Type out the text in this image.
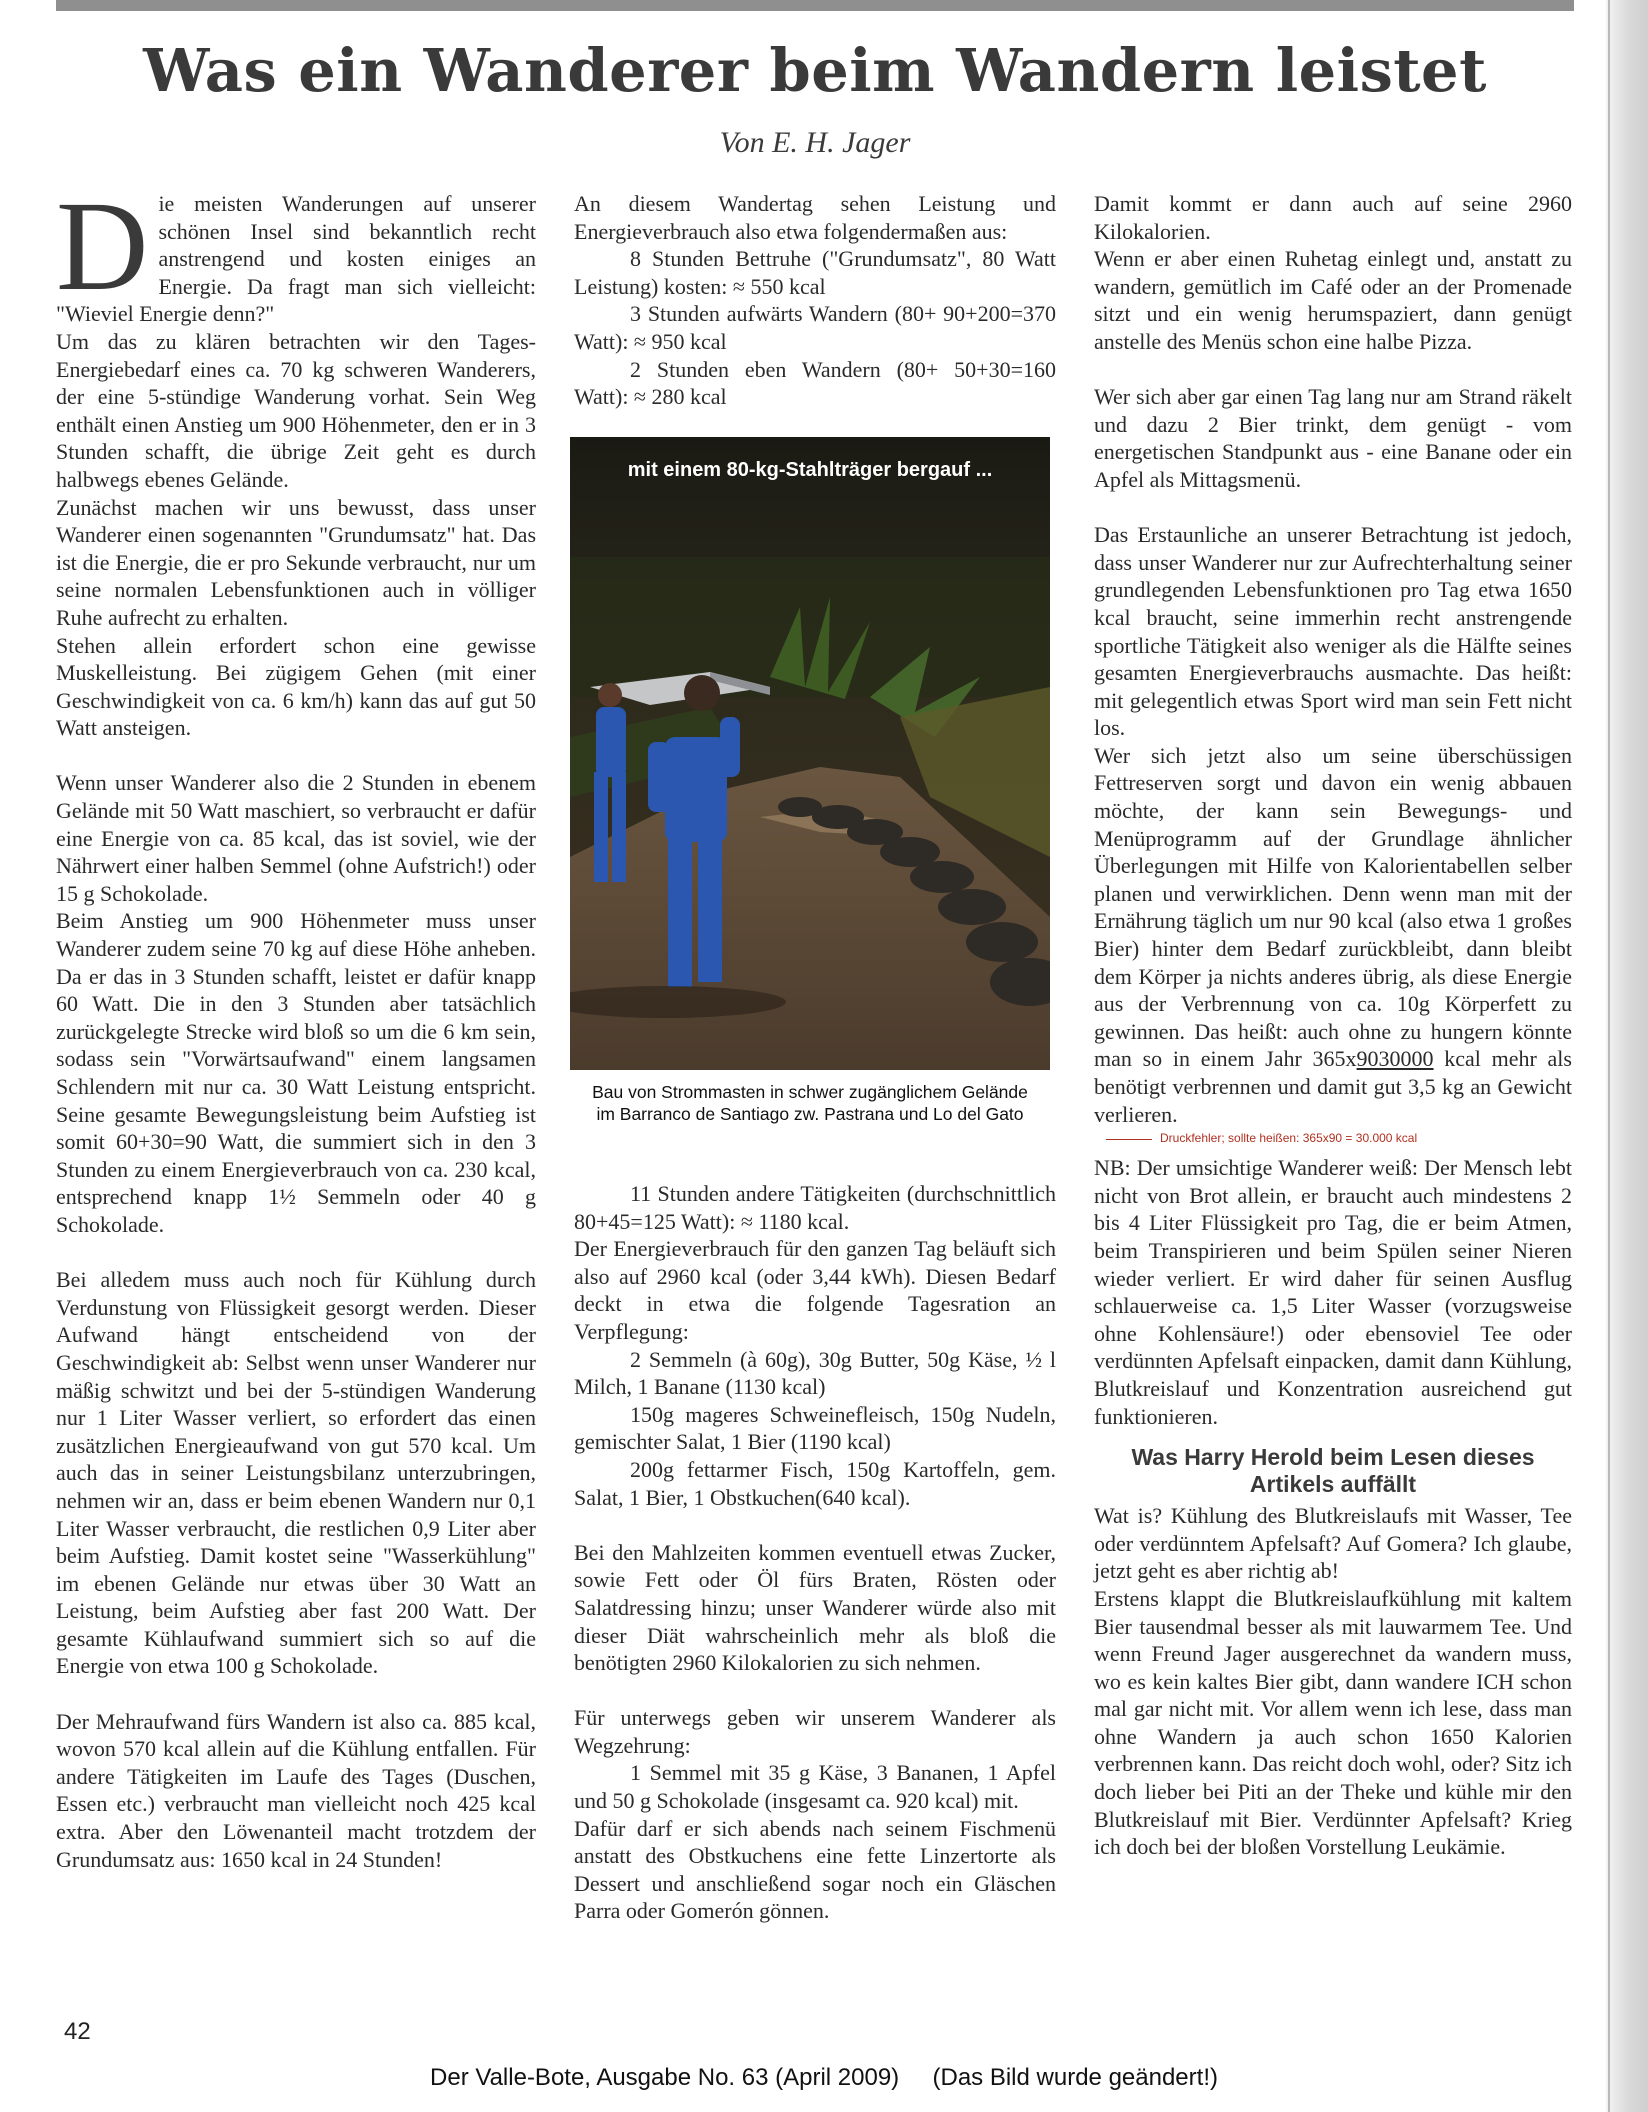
Was ein Wanderer beim Wandern leistet
Von E. H. Jager
D ie meisten Wanderungen auf unserer schönen Insel sind bekanntlich recht anstrengend und kosten einiges an Energie. Da fragt man sich vielleicht: "Wieviel Energie denn?"

Um das zu klären betrachten wir den Tages-Energiebedarf eines ca. 70 kg schweren Wanderers, der eine 5-stündige Wanderung vorhat. Sein Weg enthält einen Anstieg um 900 Höhenmeter, den er in 3 Stunden schafft, die übrige Zeit geht es durch halbwegs ebenes Gelände.

Zunächst machen wir uns bewusst, dass unser Wanderer einen sogenannten "Grundumsatz" hat. Das ist die Energie, die er pro Sekunde verbraucht, nur um seine normalen Lebensfunktionen auch in völliger Ruhe aufrecht zu erhalten.

Stehen allein erfordert schon eine gewisse Muskelleistung. Bei zügigem Gehen (mit einer Geschwindigkeit von ca. 6 km/h) kann das auf gut 50 Watt ansteigen.

Wenn unser Wanderer also die 2 Stunden in ebenem Gelände mit 50 Watt maschiert, so verbraucht er dafür eine Energie von ca. 85 kcal, das ist soviel, wie der Nährwert einer halben Semmel (ohne Aufstrich!) oder 15 g Schokolade.

Beim Anstieg um 900 Höhenmeter muss unser Wanderer zudem seine 70 kg auf diese Höhe anheben. Da er das in 3 Stunden schafft, leistet er dafür knapp 60 Watt. Die in den 3 Stunden aber tatsächlich zurückgelegte Strecke wird bloß so um die 6 km sein, sodass sein "Vorwärtsaufwand" einem langsamen Schlendern mit nur ca. 30 Watt Leistung entspricht. Seine gesamte Bewegungsleistung beim Aufstieg ist somit 60+30=90 Watt, die summiert sich in den 3 Stunden zu einem Energieverbrauch von ca. 230 kcal, entsprechend knapp 1½ Semmeln oder 40 g Schokolade.

Bei alledem muss auch noch für Kühlung durch Verdunstung von Flüssigkeit gesorgt werden. Dieser Aufwand hängt entscheidend von der Geschwindigkeit ab: Selbst wenn unser Wanderer nur mäßig schwitzt und bei der 5-stündigen Wanderung nur 1 Liter Wasser verliert, so erfordert das einen zusätzlichen Energieaufwand von gut 570 kcal. Um auch das in seiner Leistungsbilanz unterzubringen, nehmen wir an, dass er beim ebenen Wandern nur 0,1 Liter Wasser verbraucht, die restlichen 0,9 Liter aber beim Aufstieg. Damit kostet seine "Wasserkühlung" im ebenen Gelände nur etwas über 30 Watt an Leistung, beim Aufstieg aber fast 200 Watt. Der gesamte Kühlaufwand summiert sich so auf die Energie von etwa 100 g Schokolade.

Der Mehraufwand fürs Wandern ist also ca. 885 kcal, wovon 570 kcal allein auf die Kühlung entfallen. Für andere Tätigkeiten im Laufe des Tages (Duschen, Essen etc.) verbraucht man vielleicht noch 425 kcal extra. Aber den Löwenanteil macht trotzdem der Grundumsatz aus: 1650 kcal in 24 Stunden!

An diesem Wandertag sehen Leistung und Energieverbrauch also etwa folgendermaßen aus:

8 Stunden Bettruhe ("Grundumsatz", 80 Watt Leistung) kosten: ≈ 550 kcal

3 Stunden aufwärts Wandern (80+ 90+200=370 Watt): ≈ 950 kcal

2 Stunden eben Wandern (80+ 50+30=160 Watt): ≈ 280 kcal

mit einem 80-kg-Stahlträger bergauf ...
Bau von Strommasten in schwer zugänglichem Gelände
im Barranco de Santiago zw. Pastrana und Lo del Gato

11 Stunden andere Tätigkeiten (durchschnittlich 80+45=125 Watt): ≈ 1180 kcal.

Der Energieverbrauch für den ganzen Tag beläuft sich also auf 2960 kcal (oder 3,44 kWh). Diesen Bedarf deckt in etwa die folgende Tagesration an Verpflegung:

2 Semmeln (à 60g), 30g Butter, 50g Käse, ½ l Milch, 1 Banane (1130 kcal)

150g mageres Schweinefleisch, 150g Nudeln, gemischter Salat, 1 Bier (1190 kcal)

200g fettarmer Fisch, 150g Kartoffeln, gem. Salat, 1 Bier, 1 Obstkuchen(640 kcal).

Bei den Mahlzeiten kommen eventuell etwas Zucker, sowie Fett oder Öl fürs Braten, Rösten oder Salatdressing hinzu; unser Wanderer würde also mit dieser Diät wahrscheinlich mehr als bloß die benötigten 2960 Kilokalorien zu sich nehmen.

Für unterwegs geben wir unserem Wanderer als Wegzehrung:

1 Semmel mit 35 g Käse, 3 Bananen, 1 Apfel und 50 g Schokolade (insgesamt ca. 920 kcal) mit.

Dafür darf er sich abends nach seinem Fischmenü anstatt des Obstkuchens eine fette Linzertorte als Dessert und anschließend sogar noch ein Gläschen Parra oder Gomerón gönnen.

Damit kommt er dann auch auf seine 2960 Kilokalorien.

Wenn er aber einen Ruhetag einlegt und, anstatt zu wandern, gemütlich im Café oder an der Promenade sitzt und ein wenig herumspaziert, dann genügt anstelle des Menüs schon eine halbe Pizza.

Wer sich aber gar einen Tag lang nur am Strand räkelt und dazu 2 Bier trinkt, dem genügt - vom energetischen Standpunkt aus - eine Banane oder ein Apfel als Mittagsmenü.

Das Erstaunliche an unserer Betrachtung ist jedoch, dass unser Wanderer nur zur Aufrechterhaltung seiner grundlegenden Lebensfunktionen pro Tag etwa 1650 kcal braucht, seine immerhin recht anstrengende sportliche Tätigkeit also weniger als die Hälfte seines gesamten Energieverbrauchs ausmachte. Das heißt: mit gelegentlich etwas Sport wird man sein Fett nicht los.

Wer sich jetzt also um seine überschüssigen Fettreserven sorgt und davon ein wenig abbauen möchte, der kann sein Bewegungs- und Menüprogramm auf der Grundlage ähnlicher Überlegungen mit Hilfe von Kalorientabellen selber planen und verwirklichen. Denn wenn man mit der Ernährung täglich um nur 90 kcal (also etwa 1 großes Bier) hinter dem Bedarf zurückbleibt, dann bleibt dem Körper ja nichts anderes übrig, als diese Energie aus der Verbrennung von ca. 10g Körperfett zu gewinnen. Das heißt: auch ohne zu hungern könnte man so in einem Jahr 365x9030000 kcal mehr als benötigt verbrennen und damit gut 3,5 kg an Gewicht verlieren.

Druckfehler; sollte heißen: 365x90 = 30.000 kcal

NB: Der umsichtige Wanderer weiß: Der Mensch lebt nicht von Brot allein, er braucht auch mindestens 2 bis 4 Liter Flüssigkeit pro Tag, die er beim Atmen, beim Transpirieren und beim Spülen seiner Nieren wieder verliert. Er wird daher für seinen Ausflug schlauerweise ca. 1,5 Liter Wasser (vorzugsweise ohne Kohlensäure!) oder ebensoviel Tee oder verdünnten Apfelsaft einpacken, damit dann Kühlung, Blutkreislauf und Konzentration ausreichend gut funktionieren.

Was Harry Herold beim Lesen dieses Artikels auffällt

Wat is? Kühlung des Blutkreislaufs mit Wasser, Tee oder verdünntem Apfelsaft? Auf Gomera? Ich glaube, jetzt geht es aber richtig ab!

Erstens klappt die Blutkreislaufkühlung mit kaltem Bier tausendmal besser als mit lauwarmem Tee. Und wenn Freund Jager ausgerechnet da wandern muss, wo es kein kaltes Bier gibt, dann wandere ICH schon mal gar nicht mit. Vor allem wenn ich lese, dass man ohne Wandern ja auch schon 1650 Kalorien verbrennen kann. Das reicht doch wohl, oder? Sitz ich doch lieber bei Piti an der Theke und kühle mir den Blutkreislauf mit Bier. Verdünnter Apfelsaft? Krieg ich doch bei der bloßen Vorstellung Leukämie.

42
Der Valle-Bote, Ausgabe No. 63 (April 2009)     (Das Bild wurde geändert!)
